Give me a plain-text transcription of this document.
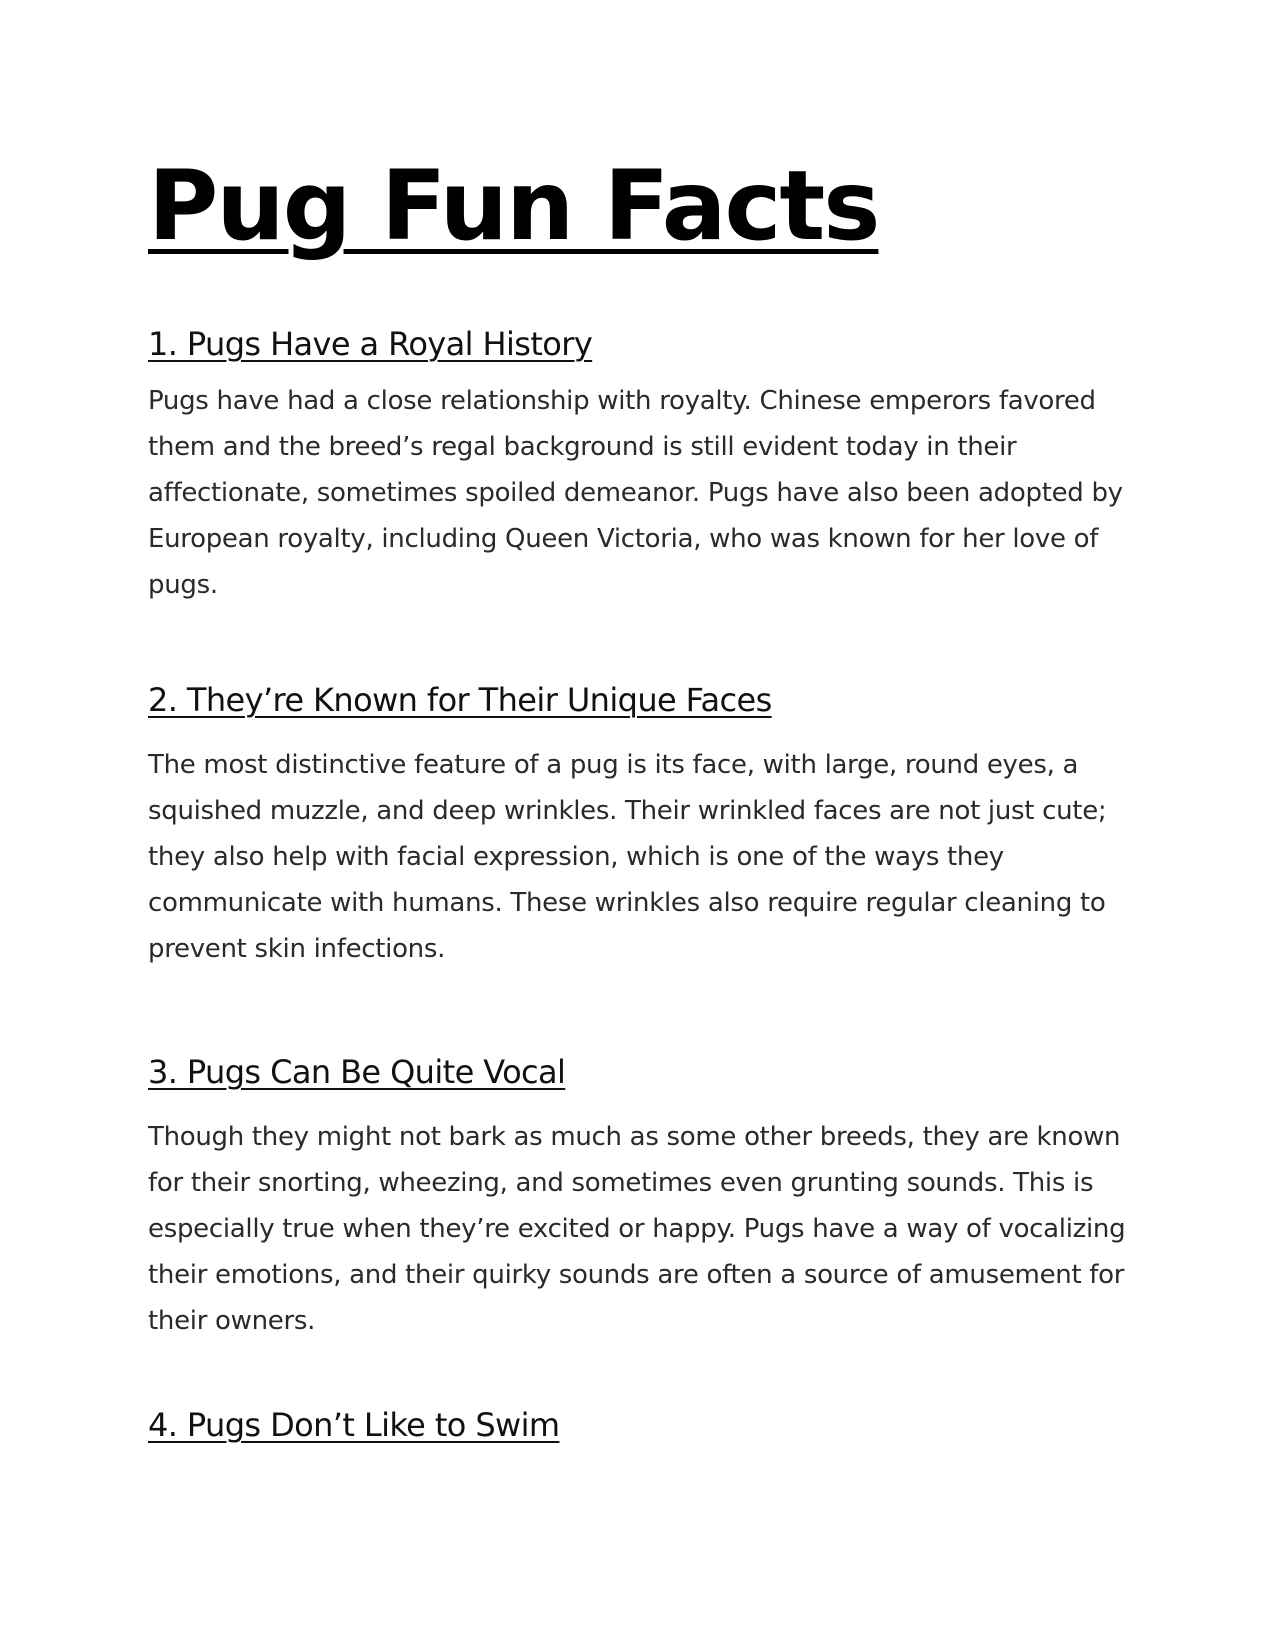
Pug Fun Facts
1. Pugs Have a Royal History

Pugs have had a close relationship with royalty. Chinese emperors favored them and the breed’s regal background is still evident today in their affectionate, sometimes spoiled demeanor. Pugs have also been adopted by European royalty, including Queen Victoria, who was known for her love of pugs.

2. They’re Known for Their Unique Faces

The most distinctive feature of a pug is its face, with large, round eyes, a squished muzzle, and deep wrinkles. Their wrinkled faces are not just cute; they also help with facial expression, which is one of the ways they communicate with humans. These wrinkles also require regular cleaning to prevent skin infections.

3. Pugs Can Be Quite Vocal

Though they might not bark as much as some other breeds, they are known for their snorting, wheezing, and sometimes even grunting sounds. This is especially true when they’re excited or happy. Pugs have a way of vocalizing their emotions, and their quirky sounds are often a source of amusement for their owners.

4. Pugs Don’t Like to Swim
